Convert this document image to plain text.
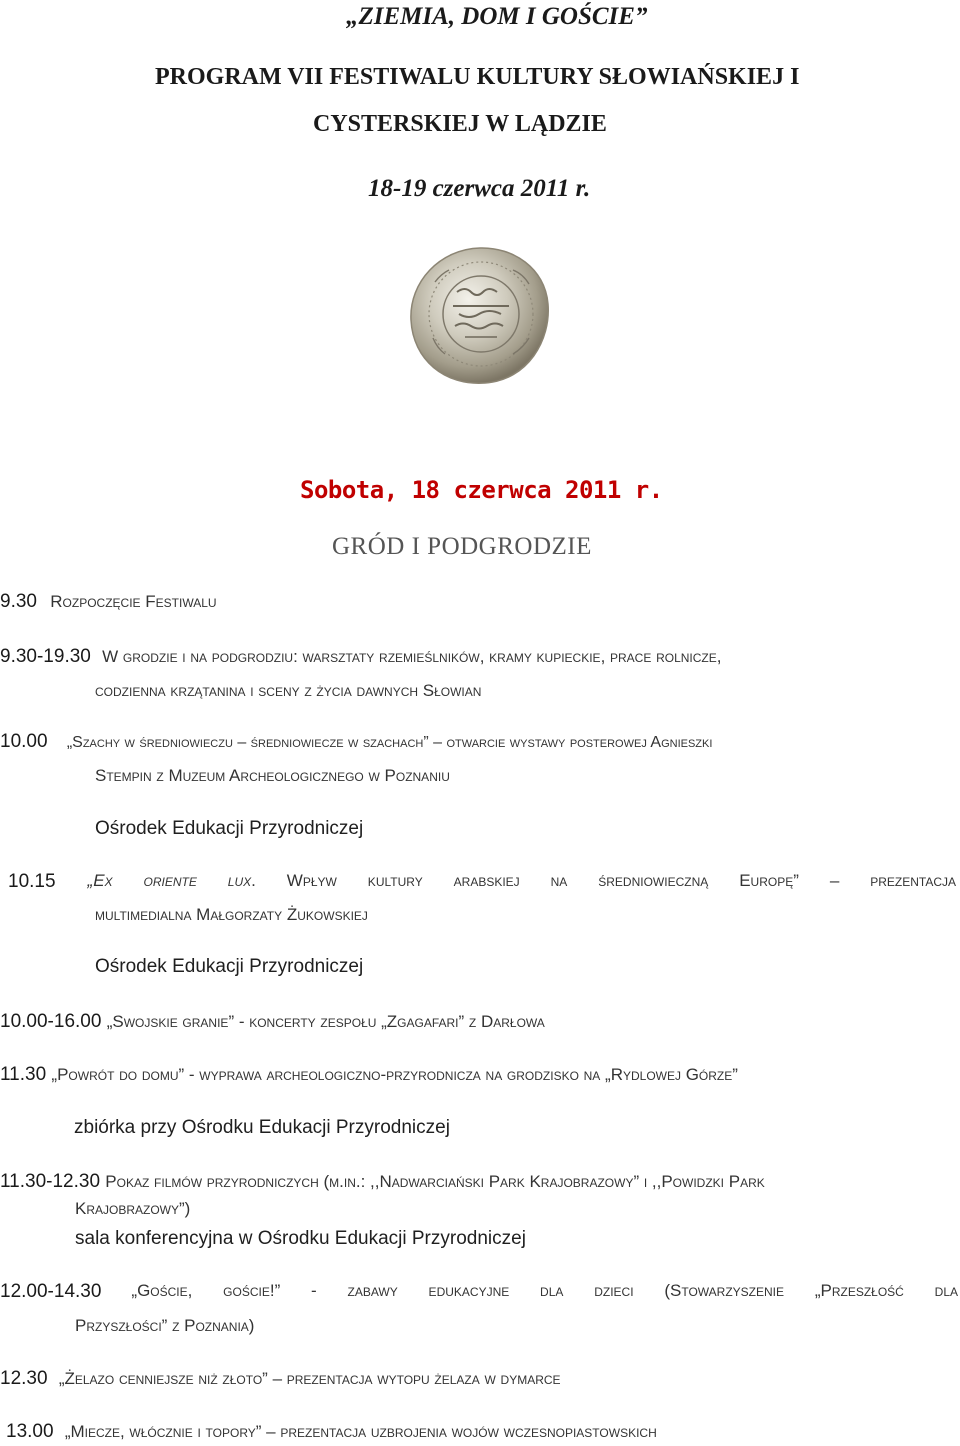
„ZIEMIA, DOM I GOŚCIE”
PROGRAM VII FESTIWALU KULTURY SŁOWIAŃSKIEJ I
CYSTERSKIEJ W LĄDZIE
18-19 czerwca 2011 r.
Sobota, 18 czerwca 2011 r.
GRÓD I PODGRODZIE
9.30 Rozpoczęcie Festiwalu
9.30-19.30 W grodzie i na podgrodziu: warsztaty rzemieślników, kramy kupieckie, prace rolnicze,
codzienna krzątanina i sceny z życia dawnych Słowian
10.00 „Szachy w średniowieczu – średniowiecze w szachach” – otwarcie wystawy posterowej Agnieszki
Stempin z Muzeum Archeologicznego w Poznaniu
Ośrodek Edukacji Przyrodniczej
10.15 „Ex oriente lux. Wpływ kultury arabskiej na średniowieczną Europę” – prezentacja
multimedialna Małgorzaty Żukowskiej
Ośrodek Edukacji Przyrodniczej
10.00-16.00 „Swojskie granie” - koncerty zespołu „Zgagafari” z Darłowa
11.30 „Powrót do domu” - wyprawa archeologiczno-przyrodnicza na grodzisko na „Rydlowej Górze”
zbiórka przy Ośrodku Edukacji Przyrodniczej
11.30-12.30 Pokaz filmów przyrodniczych (m.in.: ,,Nadwarciański Park Krajobrazowy” i ,,Powidzki Park
Krajobrazowy”)
sala konferencyjna w Ośrodku Edukacji Przyrodniczej
12.00-14.30 „Goście, goście!” - zabawy edukacyjne dla dzieci (Stowarzyszenie „Przeszłość dla
Przyszłości” z Poznania)
12.30 „Żelazo cenniejsze niż złoto” – prezentacja wytopu żelaza w dymarce
13.00 „Miecze, włócznie i topory” – prezentacja uzbrojenia wojów wczesnopiastowskich
